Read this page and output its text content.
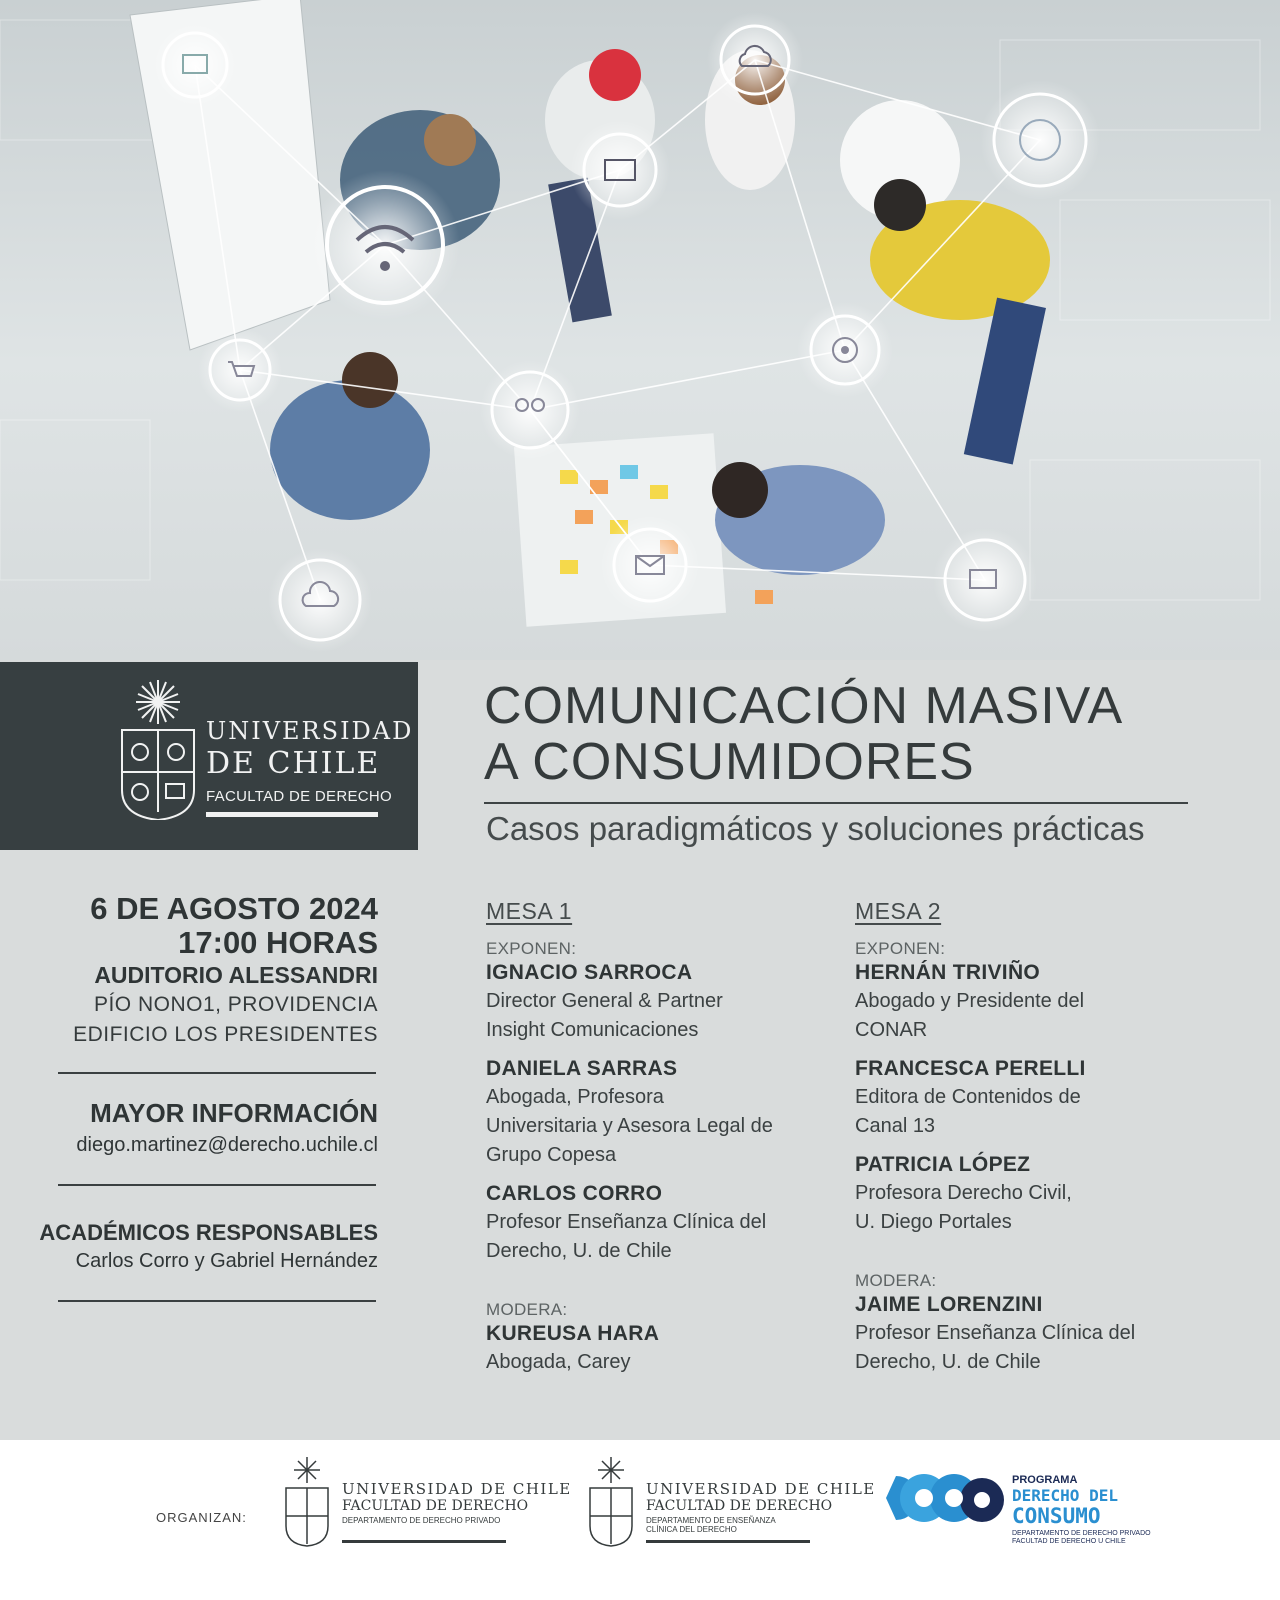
UNIVERSIDAD
DE CHILE
FACULTAD DE DERECHO
COMUNICACIÓN MASIVA
A CONSUMIDORES
Casos paradigmáticos y soluciones prácticas
6 DE AGOSTO 2024
17:00 HORAS
AUDITORIO ALESSANDRI
PÍO NONO1, PROVIDENCIA
EDIFICIO LOS PRESIDENTES
MAYOR INFORMACIÓN
diego.martinez@derecho.uchile.cl
ACADÉMICOS RESPONSABLES
Carlos Corro y Gabriel Hernández
MESA 1
EXPONEN:
IGNACIO SARROCA
Director General & Partner
Insight Comunicaciones
DANIELA SARRAS
Abogada, Profesora
Universitaria y Asesora Legal de
Grupo Copesa
CARLOS CORRO
Profesor Enseñanza Clínica del
Derecho, U. de Chile
MODERA:
KUREUSA HARA
Abogada, Carey
MESA 2
EXPONEN:
HERNÁN TRIVIÑO
Abogado y Presidente del
CONAR
FRANCESCA PERELLI
Editora de Contenidos de
Canal 13
PATRICIA LÓPEZ
Profesora Derecho Civil,
U. Diego Portales
MODERA:
JAIME LORENZINI
Profesor Enseñanza Clínica del
Derecho, U. de Chile
ORGANIZAN:
UNIVERSIDAD DE CHILE
FACULTAD DE DERECHO
DEPARTAMENTO DE DERECHO PRIVADO
UNIVERSIDAD DE CHILE
FACULTAD DE DERECHO
DEPARTAMENTO DE ENSEÑANZA CLÍNICA DEL DERECHO
PROGRAMA
DERECHO DEL
CONSUMO
DEPARTAMENTO DE DERECHO PRIVADO
FACULTAD DE DERECHO U CHILE
